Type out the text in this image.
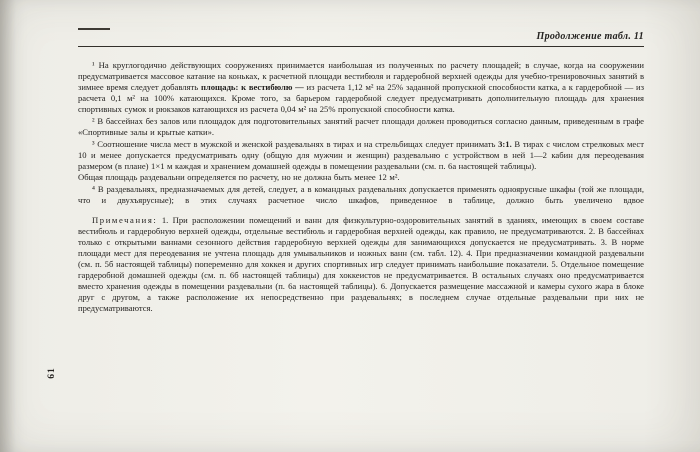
61
Продолжение табл. 11

¹ На круглогодично действующих сооружениях принимается наибольшая из полученных по расчету площадей; в случае, когда на сооружении предусматривается массовое катание на коньках, к расчетной площади вестибюля и гардеробной верхней одежды для учебно-тренировочных занятий в зимнее время следует добавлять площадь: к вестибюлю — из расчета 1,12 м² на 25% заданной пропускной способности катка, а к гардеробной — из расчета 0,1 м² на 100% катающихся. Кроме того, за барьером гардеробной следует предусматривать дополнительную площадь для хранения спортивных сумок и рюкзаков катающихся из расчета 0,04 м² на 25% пропускной способности катка.

² В бассейнах без залов или площадок для подготовительных занятий расчет площади должен проводиться согласно данным, приведенным в графе «Спортивные залы и крытые катки».

³ Соотношение числа мест в мужской и женской раздевальнях в тирах и на стрельбищах следует принимать 3:1. В тирах с числом стрелковых мест 10 и менее допускается предусматривать одну (общую для мужчин и женщин) раздевальню с устройством в ней 1—2 кабин для переодевания размером (в плане) 1×1 м каждая и хранением домашней одежды в помещении раздевальни (см. п. 6а настоящей таблицы).

Общая площадь раздевальни определяется по расчету, но не должна быть менее 12 м².

⁴ В раздевальнях, предназначаемых для детей, следует, а в командных раздевальнях допускается применять одноярусные шкафы (той же площади, что и двухъярусные); в этих случаях расчетное число шкафов, приведенное в таблице, должно быть увеличено вдвое

Примечания: 1. При расположении помещений и ванн для физкультурно-оздоровительных занятий в зданиях, имеющих в своем составе вестибюль и гардеробную верхней одежды, отдельные вестибюль и гардеробная верхней одежды, как правило, не предусматриваются. 2. В бассейнах только с открытыми ваннами сезонного действия гардеробную верхней одежды для занимающихся допускается не предусматривать. 3. В норме площади мест для переодевания не учтена площадь для умывальников и ножных ванн (см. табл. 12). 4. При предназначении командной раздевальни (см. п. 5б настоящей таблицы) попеременно для хоккея и других спортивных игр следует принимать наибольшие показатели. 5. Отдельное помещение гардеробной домашней одежды (см. п. 6б настоящей таблицы) для хоккеистов не предусматривается. В остальных случаях оно предусматривается вместо хранения одежды в помещении раздевальни (п. 6а настоящей таблицы). 6. Допускается размещение массажной и камеры сухого жара в блоке друг с другом, а также расположение их непосредственно при раздевальнях; в последнем случае отдельные раздевальни при них не предусматриваются.
